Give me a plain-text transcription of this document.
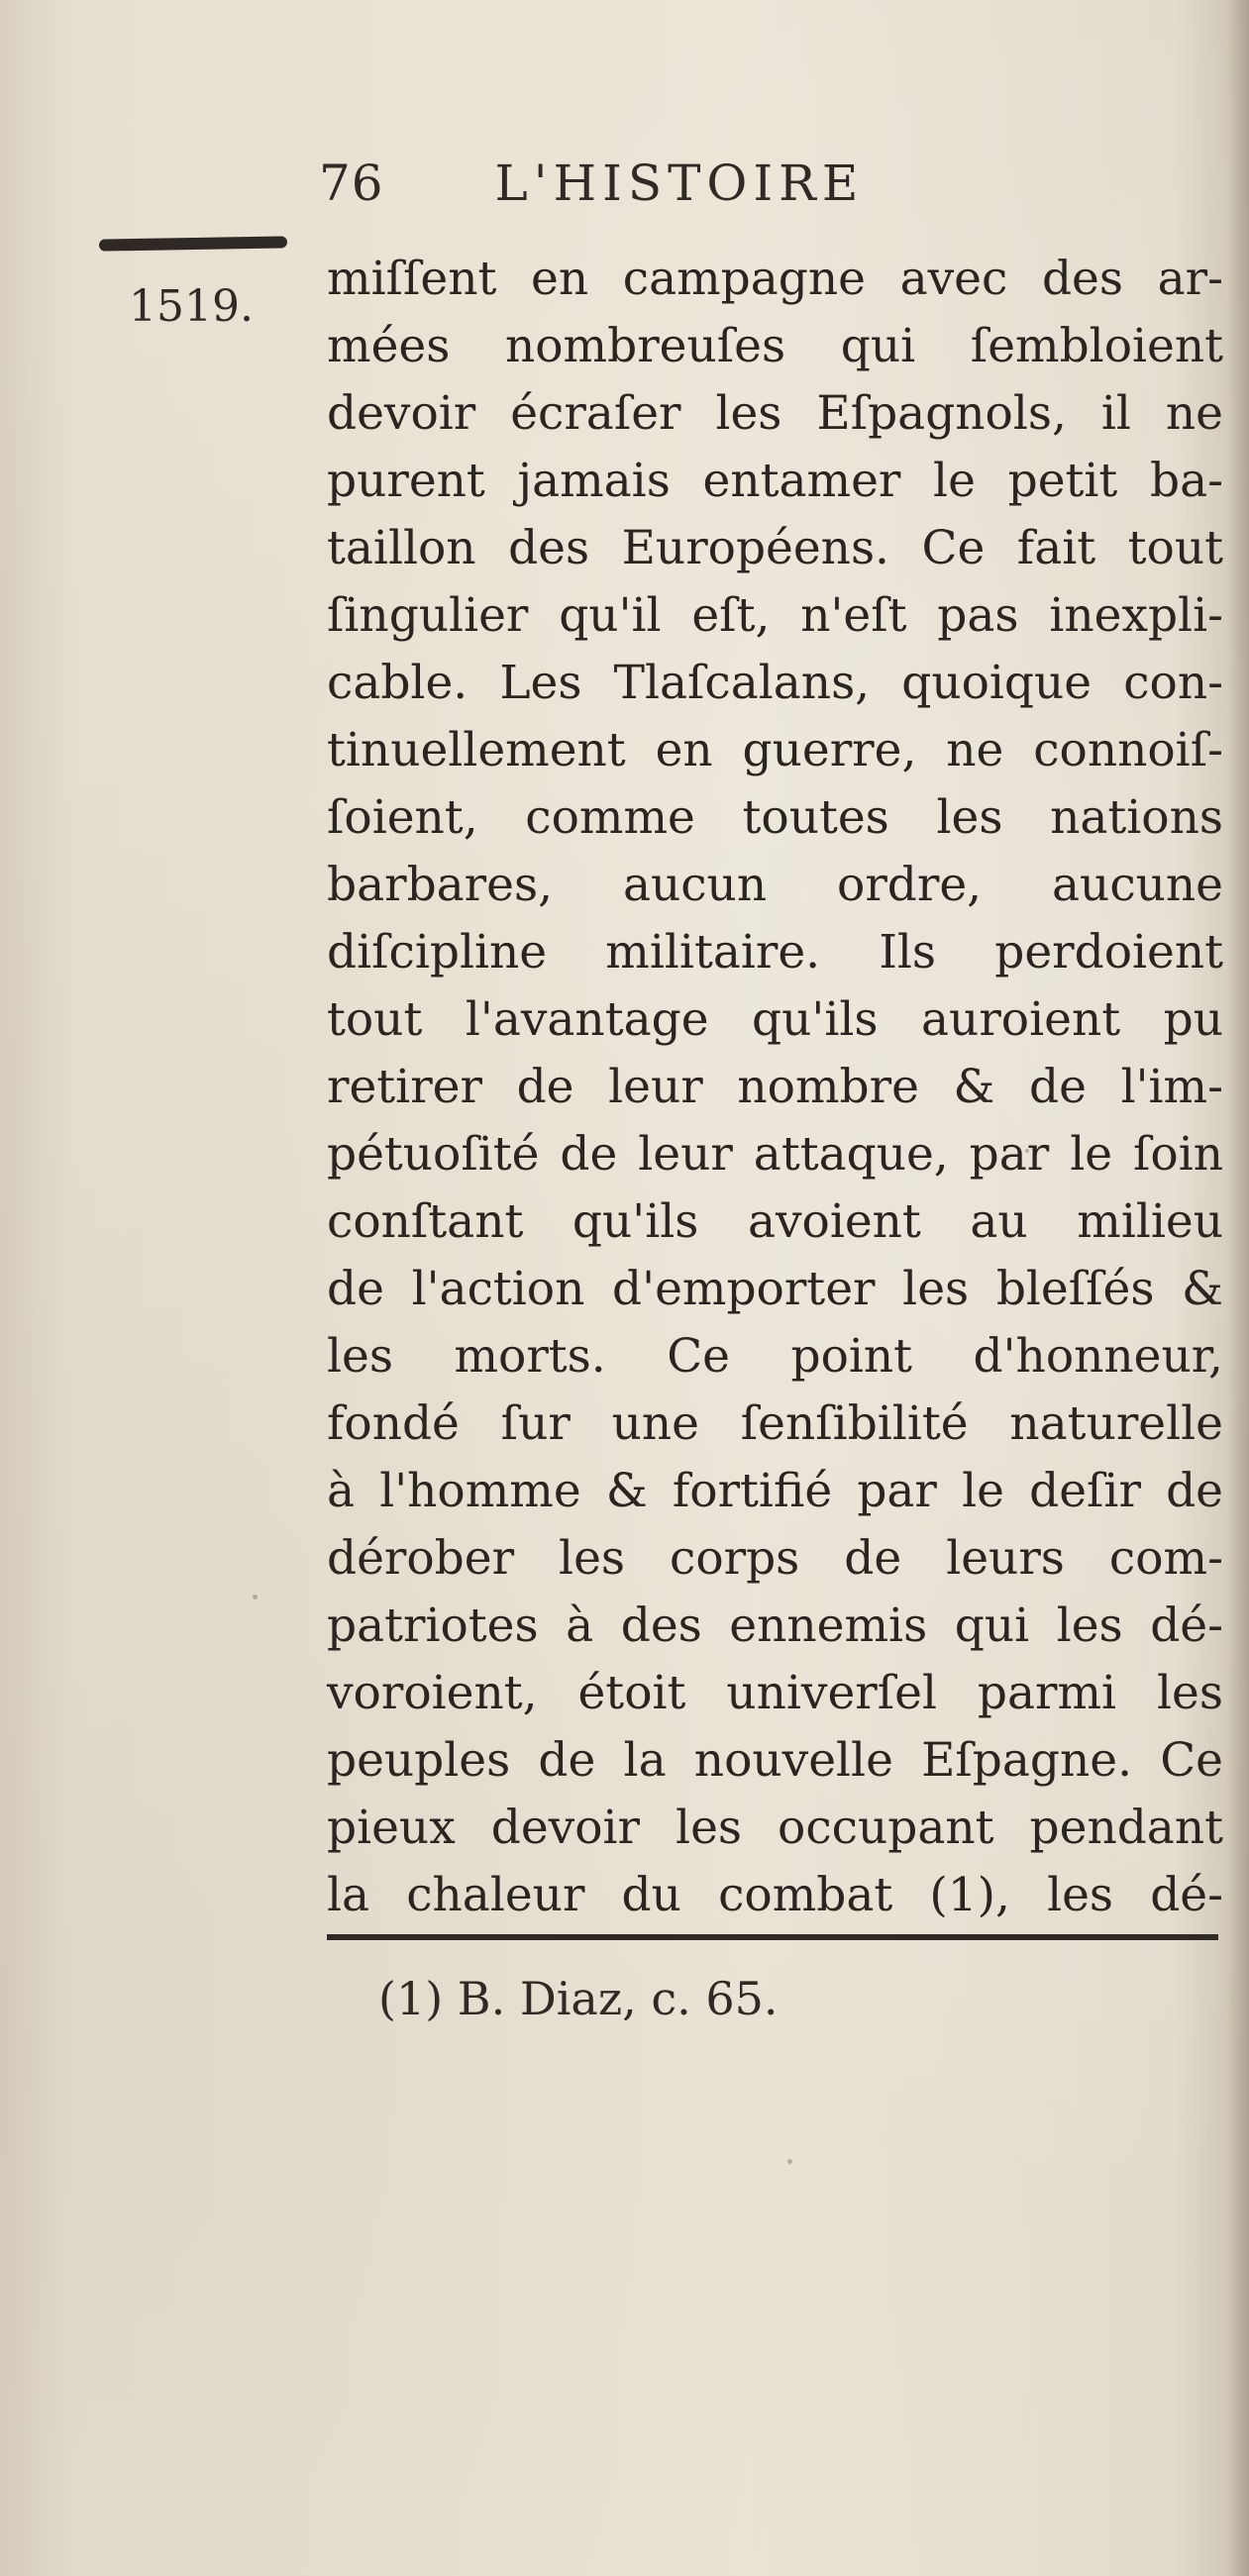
76 L'HISTOIRE
1519.
miſſent en campagne avec des ar-
mées nombreuſes qui ſembloient
devoir écraſer les Eſpagnols, il ne
purent jamais entamer le petit ba-
taillon des Européens. Ce fait tout
ſingulier qu'il eſt, n'eſt pas inexpli-
cable. Les Tlaſcalans, quoique con-
tinuellement en guerre, ne connoiſ-
ſoient, comme toutes les nations
barbares, aucun ordre, aucune
diſcipline militaire. Ils perdoient
tout l'avantage qu'ils auroient pu
retirer de leur nombre & de l'im-
pétuoſité de leur attaque, par le ſoin
conſtant qu'ils avoient au milieu
de l'action d'emporter les bleſſés &
les morts. Ce point d'honneur,
fondé ſur une ſenſibilité naturelle
à l'homme & fortifié par le deſir de
dérober les corps de leurs com-
patriotes à des ennemis qui les dé-
voroient, étoit univerſel parmi les
peuples de la nouvelle Eſpagne. Ce
pieux devoir les occupant pendant
la chaleur du combat (1), les dé-
(1) B. Diaz, c. 65.
